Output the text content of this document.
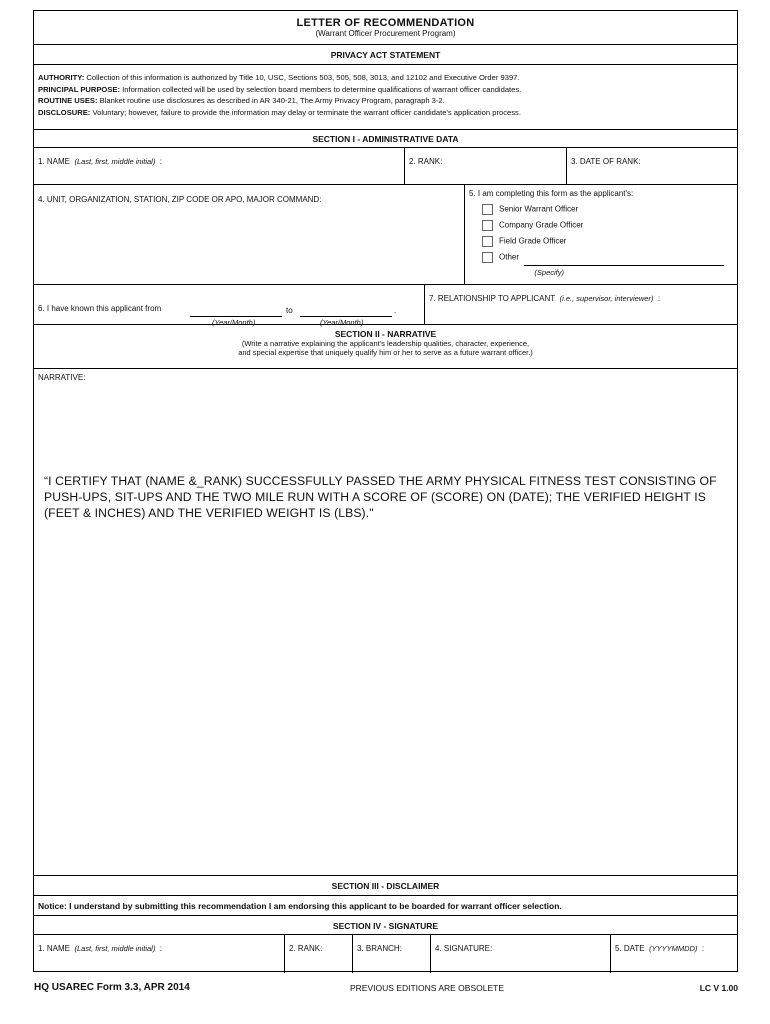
LETTER OF RECOMMENDATION
(Warrant Officer Procurement Program)
PRIVACY ACT STATEMENT

AUTHORITY: Collection of this information is authorized by Title 10, USC, Sections 503, 505, 508, 3013, and 12102 and Executive Order 9397.

PRINCIPAL PURPOSE: Information collected will be used by selection board members to determine qualifications of warrant officer candidates.

ROUTINE USES: Blanket routine use disclosures as described in AR 340-21, The Army Privacy Program, paragraph 3-2.

DISCLOSURE: Voluntary; however, failure to provide the information may delay or terminate the warrant officer candidate's application process.

SECTION I - ADMINISTRATIVE DATA
1. NAME (Last, first, middle initial) :	2. RANK:	3. DATE OF RANK:
4. UNIT, ORGANIZATION, STATION, ZIP CODE OR APO, MAJOR COMMAND:
5. I am completing this form as the applicant's:
Senior Warrant Officer
Company Grade Officer
Field Grade Officer
Other
(Specify)
6. I have known this applicant from	to	.
(Year/Month)	(Year/Month)
7. RELATIONSHIP TO APPLICANT (i.e., supervisor, interviewer) :
SECTION II - NARRATIVE
(Write a narrative explaining the applicant's leadership qualities, character, experience,
and special expertise that uniquely qualify him or her to serve as a future warrant officer.)
NARRATIVE:
“I CERTIFY THAT (NAME &_RANK) SUCCESSFULLY PASSED THE ARMY PHYSICAL FITNESS TEST CONSISTING OF PUSH-UPS, SIT-UPS AND THE TWO MILE RUN WITH A SCORE OF (SCORE) ON (DATE); THE VERIFIED HEIGHT IS (FEET & INCHES) AND THE VERIFIED WEIGHT IS (LBS)."
SECTION III - DISCLAIMER
Notice: I understand by submitting this recommendation I am endorsing this applicant to be boarded for warrant officer selection.
SECTION IV - SIGNATURE
1. NAME (Last, first, middle initial) :	2. RANK:	3. BRANCH:	4. SIGNATURE:	5. DATE (YYYYMMDD) :
HQ USAREC Form 3.3, APR 2014	PREVIOUS EDITIONS ARE OBSOLETE	LC V 1.00
